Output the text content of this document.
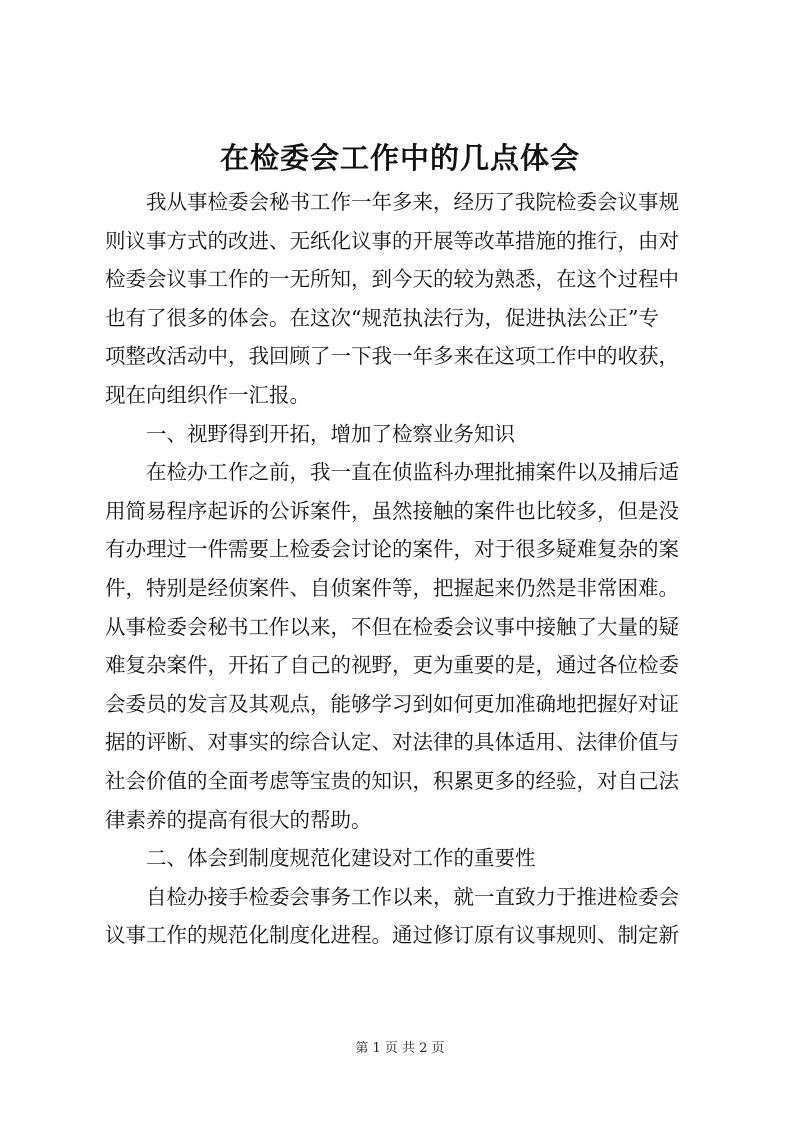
在检委会工作中的几点体会
　　我从事检委会秘书工作一年多来，经历了我院检委会议事规
则议事方式的改进、无纸化议事的开展等改革措施的推行，由对
检委会议事工作的一无所知，到今天的较为熟悉，在这个过程中
也有了很多的体会。在这次“规范执法行为，促进执法公正”专
项整改活动中，我回顾了一下我一年多来在这项工作中的收获，
现在向组织作一汇报。
　　一、视野得到开拓，增加了检察业务知识
　　在检办工作之前，我一直在侦监科办理批捕案件以及捕后适
用简易程序起诉的公诉案件，虽然接触的案件也比较多，但是没
有办理过一件需要上检委会讨论的案件，对于很多疑难复杂的案
件，特别是经侦案件、自侦案件等，把握起来仍然是非常困难。
从事检委会秘书工作以来，不但在检委会议事中接触了大量的疑
难复杂案件，开拓了自己的视野，更为重要的是，通过各位检委
会委员的发言及其观点，能够学习到如何更加准确地把握好对证
据的评断、对事实的综合认定、对法律的具体适用、法律价值与
社会价值的全面考虑等宝贵的知识，积累更多的经验，对自己法
律素养的提高有很大的帮助。
　　二、体会到制度规范化建设对工作的重要性
　　自检办接手检委会事务工作以来，就一直致力于推进检委会
议事工作的规范化制度化进程。通过修订原有议事规则、制定新
第 1 页 共 2 页
